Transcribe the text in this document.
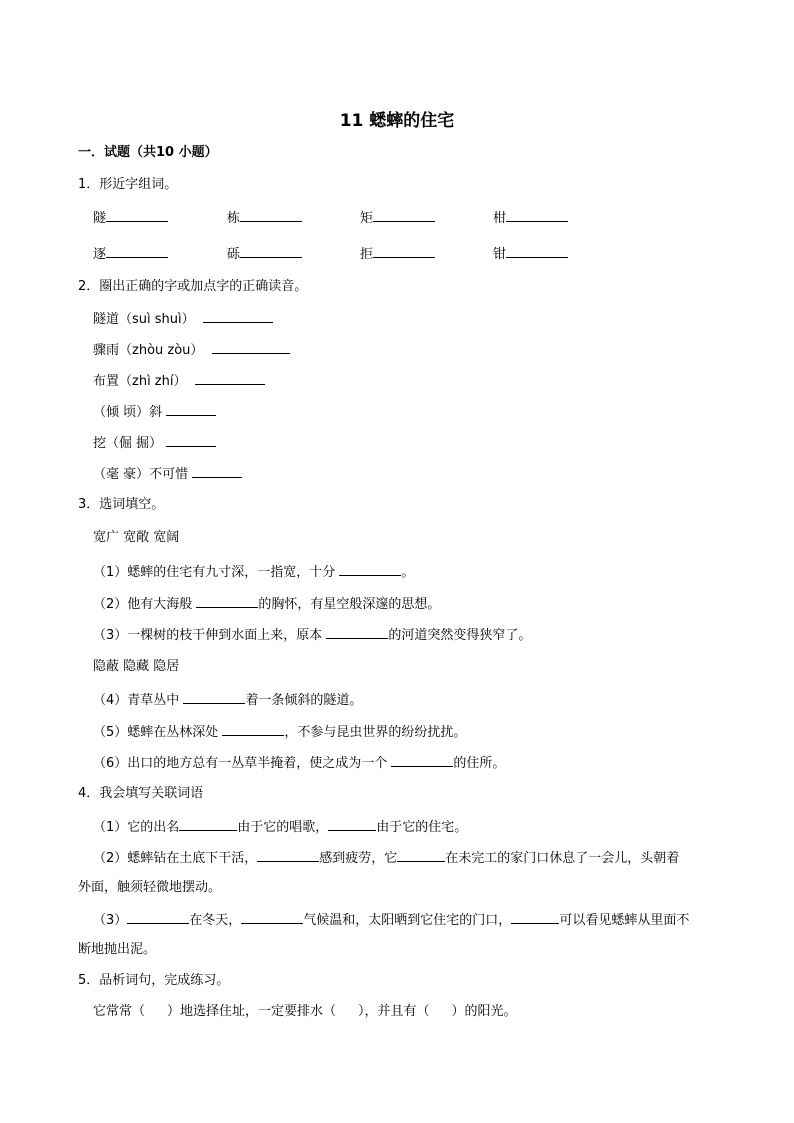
11 蟋蟀的住宅
一．试题（共10 小题）
1．形近字组词。
隧	栋	矩	柑
逐	砾	拒	钳
2．圈出正确的字或加点字的正确读音。
隧道（suì shuì）
骤雨（zhòu zòu）
布置（zhì zhí）
（倾 顷）斜
挖（倔 掘）
（毫 豪）不可惜
3．选词填空。
宽广 宽敞 宽阔
（1）蟋蟀的住宅有九寸深，一指宽，十分	。
（2）他有大海般	的胸怀，有星空般深邃的思想。
（3）一棵树的枝干伸到水面上来，原本	的河道突然变得狭窄了。
隐蔽 隐藏 隐居
（4）青草丛中	着一条倾斜的隧道。
（5）蟋蟀在丛林深处	，不参与昆虫世界的纷纷扰扰。
（6）出口的地方总有一丛草半掩着，使之成为一个	的住所。
4．我会填写关联词语
（1）它的出名	由于它的唱歌，	由于它的住宅。
（2）蟋蟀钻在土底下干活，	感到疲劳，它	在未完工的家门口休息了一会儿，头朝着
外面，触须轻微地摆动。
（3）	在冬天，	气候温和，太阳晒到它住宅的门口，	可以看见蟋蟀从里面不
断地抛出泥。
5．品析词句，完成练习。
它常常（ ）地选择住址，一定要排水（ ），并且有（ ）的阳光。
